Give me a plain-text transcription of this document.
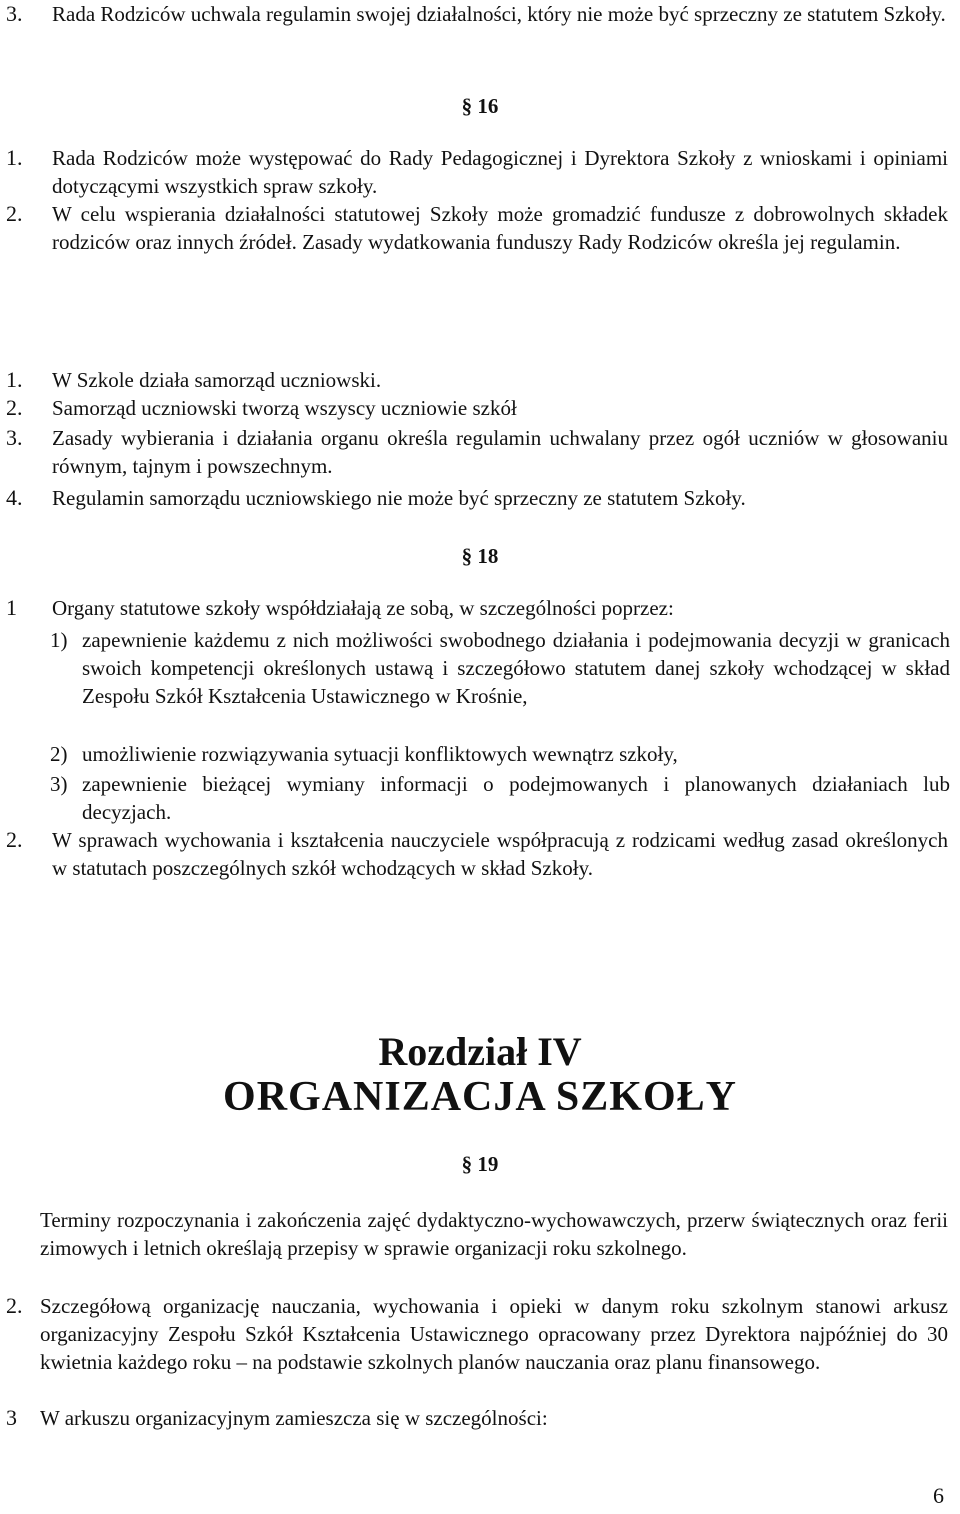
3. Rada Rodziców uchwala regulamin swojej działalności, który nie może być sprzeczny ze statutem Szkoły.
§ 16
1. Rada Rodziców może występować do Rady Pedagogicznej i Dyrektora Szkoły z wnioskami i opiniami dotyczącymi wszystkich spraw szkoły.
2. W celu wspierania działalności statutowej Szkoły może gromadzić fundusze z dobrowolnych składek rodziców oraz innych źródeł. Zasady wydatkowania funduszy Rady Rodziców określa jej regulamin.
1. W Szkole działa samorząd uczniowski.
2. Samorząd uczniowski tworzą wszyscy uczniowie szkół
3. Zasady wybierania i działania organu określa regulamin uchwalany przez ogół uczniów w głosowaniu równym, tajnym i powszechnym.
4. Regulamin samorządu uczniowskiego nie może być sprzeczny ze statutem Szkoły.
§ 18
1 Organy statutowe szkoły współdziałają ze sobą, w szczególności poprzez:
1) zapewnienie każdemu z nich możliwości swobodnego działania i podejmowania decyzji w granicach swoich kompetencji określonych ustawą i szczegółowo statutem danej szkoły wchodzącej w skład Zespołu Szkół Kształcenia Ustawicznego w Krośnie,
2) umożliwienie rozwiązywania sytuacji konfliktowych wewnątrz szkoły,
3) zapewnienie bieżącej wymiany informacji o podejmowanych i planowanych działaniach lub decyzjach.
2. W sprawach wychowania i kształcenia nauczyciele współpracują z rodzicami według zasad określonych w statutach poszczególnych szkół wchodzących w skład Szkoły.
Rozdział IV
ORGANIZACJA SZKOŁY
§ 19
Terminy rozpoczynania i zakończenia zajęć dydaktyczno-wychowawczych, przerw świątecznych oraz ferii zimowych i letnich określają przepisy w sprawie organizacji roku szkolnego.
2. Szczegółową organizację nauczania, wychowania i opieki w danym roku szkolnym stanowi arkusz organizacyjny Zespołu Szkół Kształcenia Ustawicznego opracowany przez Dyrektora najpóźniej do 30 kwietnia każdego roku – na podstawie szkolnych planów nauczania oraz planu finansowego.
3 W arkuszu organizacyjnym zamieszcza się w szczególności:
6
